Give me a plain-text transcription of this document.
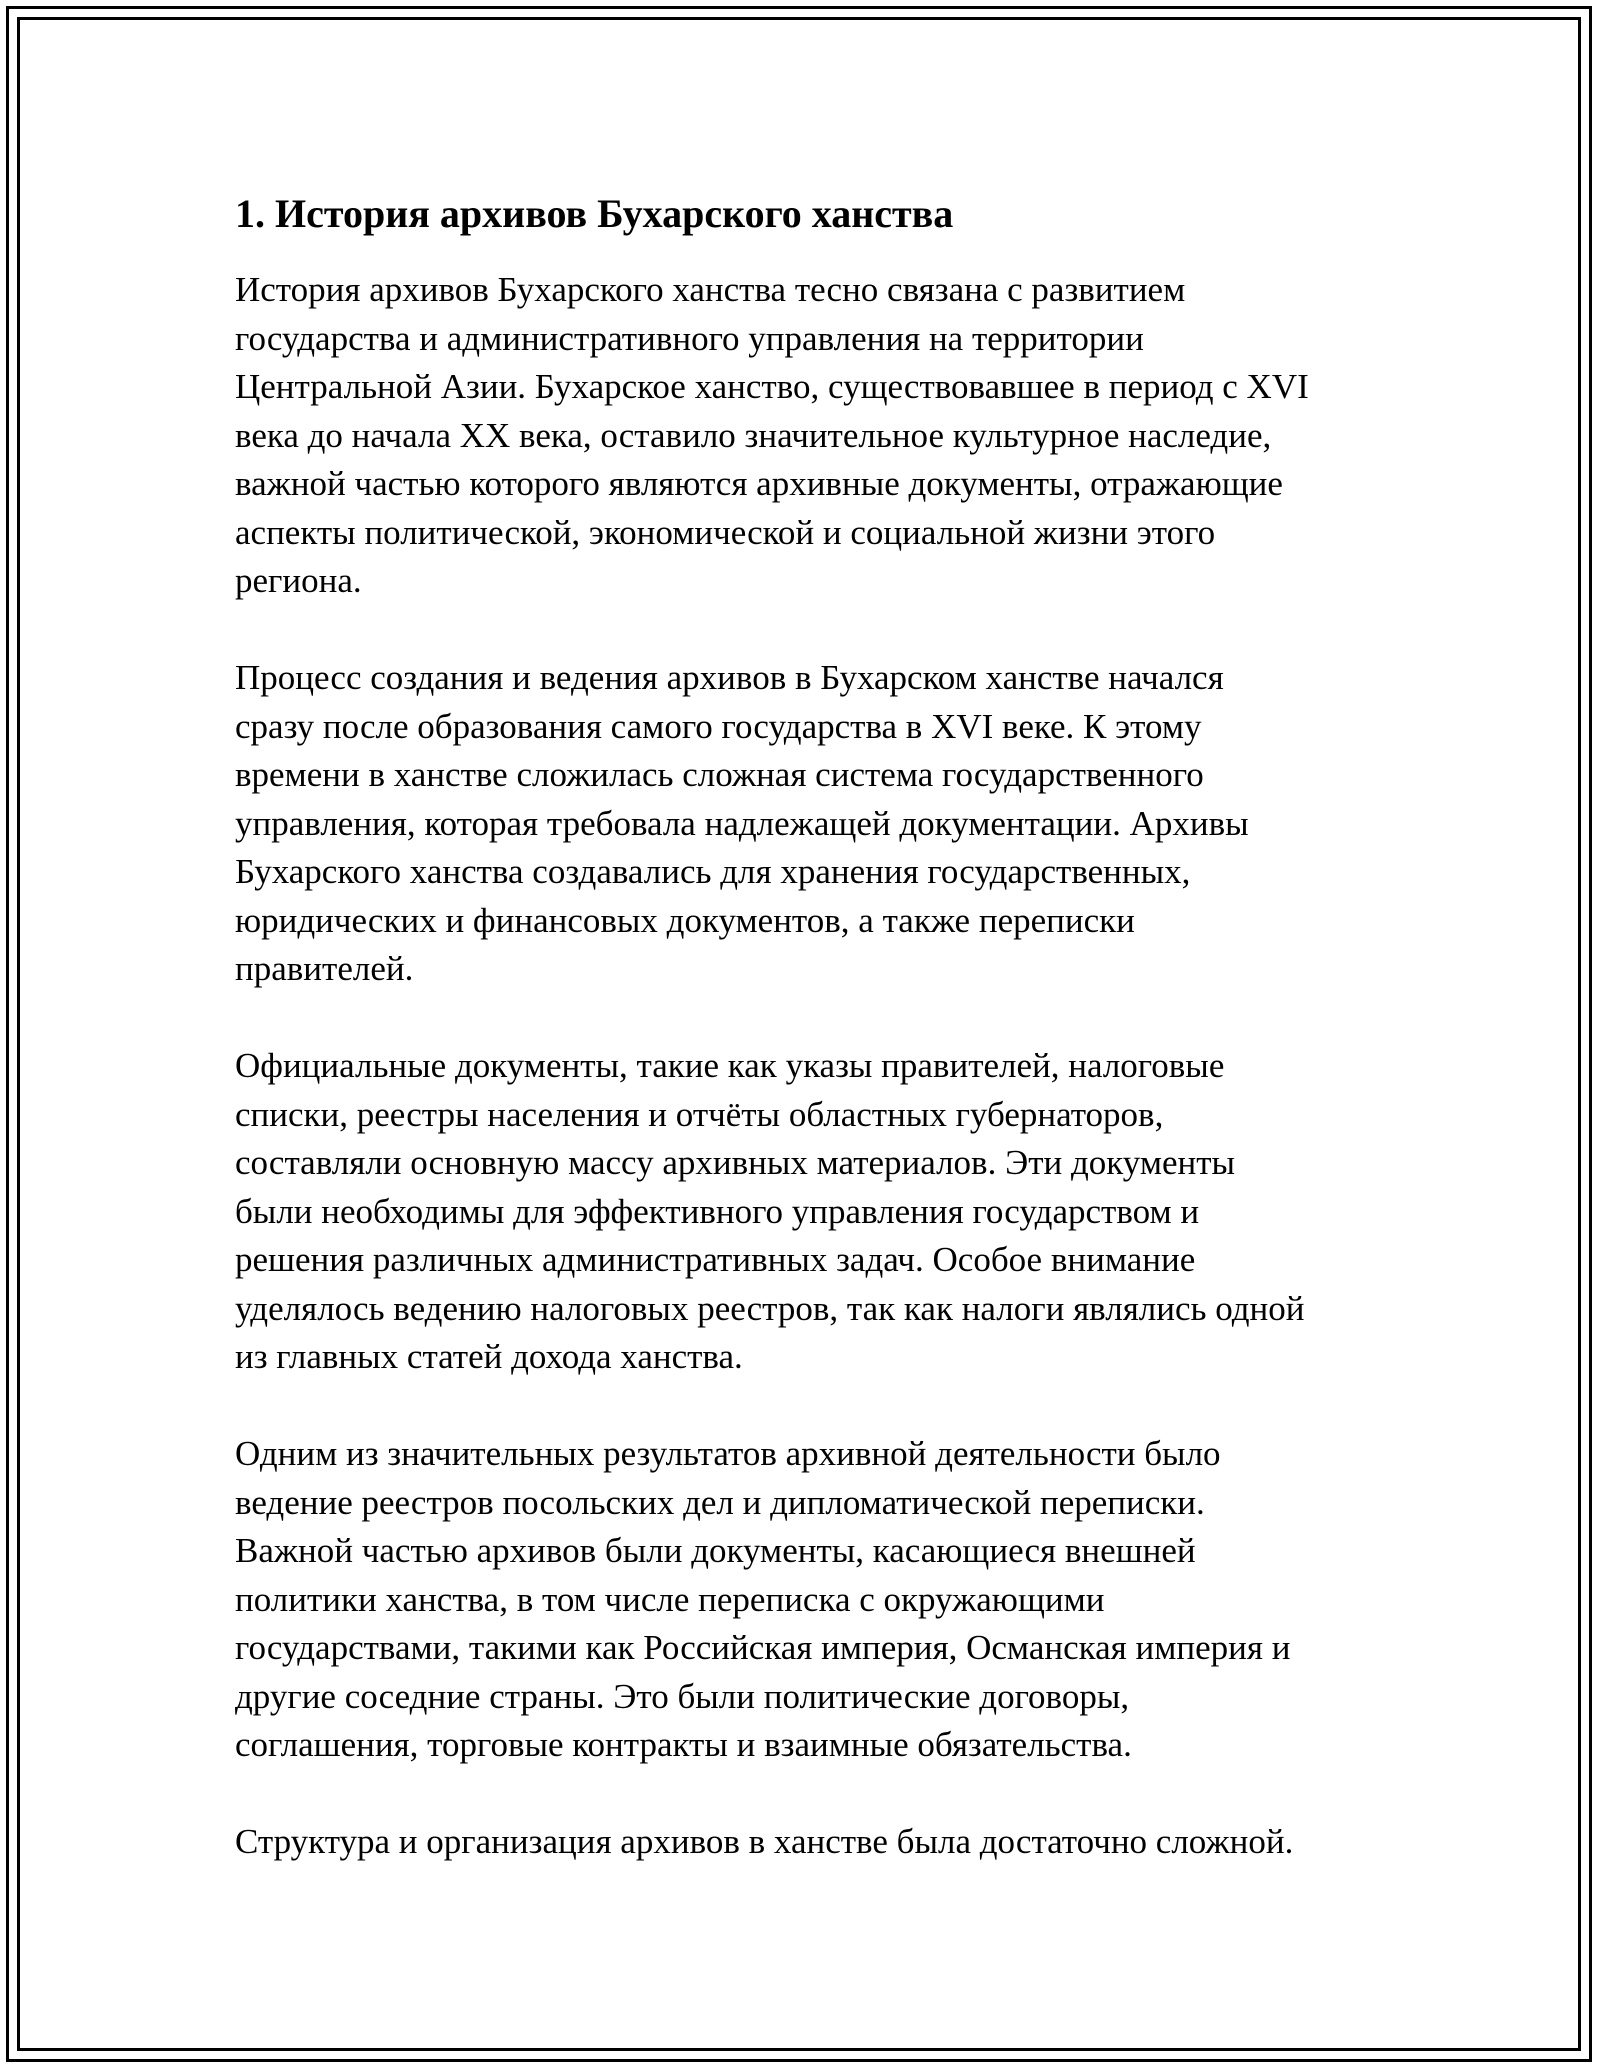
1. История архивов Бухарского ханства

История архивов Бухарского ханства тесно связана с развитием
государства и административного управления на территории
Центральной Азии. Бухарское ханство, существовавшее в период с XVI
века до начала XX века, оставило значительное культурное наследие,
важной частью которого являются архивные документы, отражающие
аспекты политической, экономической и социальной жизни этого
региона.

Процесс создания и ведения архивов в Бухарском ханстве начался
сразу после образования самого государства в XVI веке. К этому
времени в ханстве сложилась сложная система государственного
управления, которая требовала надлежащей документации. Архивы
Бухарского ханства создавались для хранения государственных,
юридических и финансовых документов, а также переписки
правителей.

Официальные документы, такие как указы правителей, налоговые
списки, реестры населения и отчёты областных губернаторов,
составляли основную массу архивных материалов. Эти документы
были необходимы для эффективного управления государством и
решения различных административных задач. Особое внимание
уделялось ведению налоговых реестров, так как налоги являлись одной
из главных статей дохода ханства.

Одним из значительных результатов архивной деятельности было
ведение реестров посольских дел и дипломатической переписки.
Важной частью архивов были документы, касающиеся внешней
политики ханства, в том числе переписка с окружающими
государствами, такими как Российская империя, Османская империя и
другие соседние страны. Это были политические договоры,
соглашения, торговые контракты и взаимные обязательства.

Структура и организация архивов в ханстве была достаточно сложной.
